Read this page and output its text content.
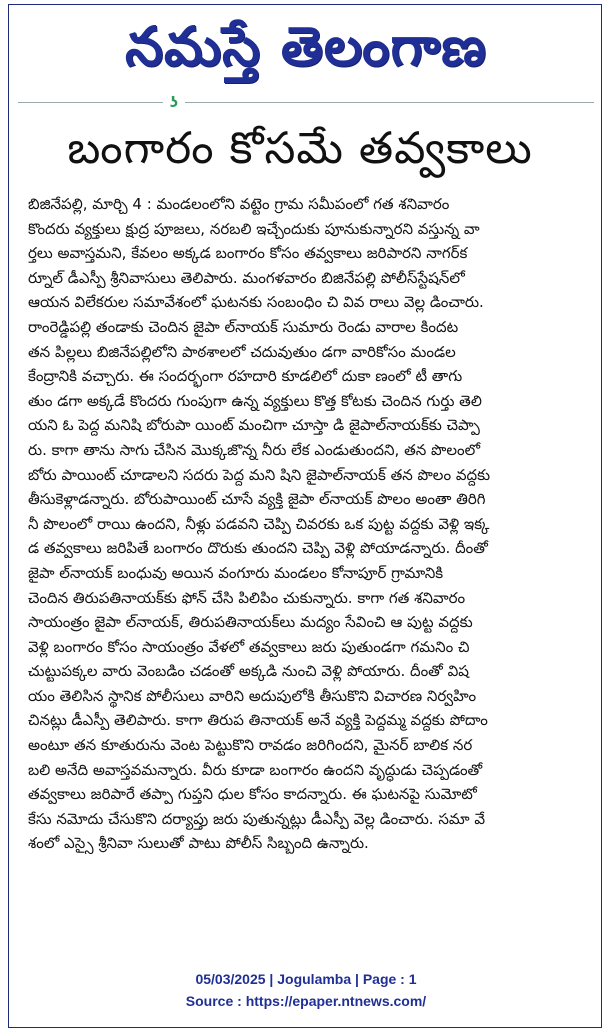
నమస్తే తెలంగాణ
ʖ
బంగారం కోసమే తవ్వకాలు
బిజినేపల్లి, మార్చి 4 : మండలంలోని వట్టెం గ్రామ సమీపంలో గత శనివారం
కొందరు వ్యక్తులు క్షుద్ర పూజలు, నరబలి ఇచ్చేందుకు పూనుకున్నారని వస్తున్న వా
ర్తలు అవాస్తమని, కేవలం అక్కడ బంగారం కోసం తవ్వకాలు జరిపారని నాగర్‌క
ర్నూల్‌ డీఎస్పీ శ్రీనివాసులు తెలిపారు. మంగళవారం బిజినేపల్లి పోలీస్‌స్టేషన్‌లో
ఆయన విలేకరుల సమావేశంలో ఘటనకు సంబంధిం చి వివ రాలు వెల్ల డించారు.
రాంరెడ్డిపల్లి తండాకు చెందిన జైపా ల్‌నాయక్‌ సుమారు రెండు వారాల కిందట
తన పిల్లలు బిజినేపల్లిలోని పాఠశాలలో చదువుతుం డగా వారికోసం మండల
కేంద్రానికి వచ్చారు. ఈ సందర్భంగా రహదారి కూడలిలో దుకా ణంలో టీ తాగు
తుం డగా అక్కడే కొందరు గుంపుగా ఉన్న వ్యక్తులు కొత్త కోటకు చెందిన గుర్తు తెలి
యని ఓ పెద్ద మనిషి బోరుపా యింట్‌ మంచిగా చూస్తా డి జైపాల్‌నాయక్‌కు చెప్పా
రు. కాగా తాను సాగు చేసిన మొక్కజొన్న నీరు లేక ఎండుతుందని, తన పొలంలో
బోరు పాయింట్‌ చూడాలని సదరు పెద్ద మని షిని జైపాల్‌నాయక్‌ తన పొలం వద్దకు
తీసుకెళ్లాడన్నారు. బోరుపాయింట్‌ చూసే వ్యక్తి జైపా ల్‌నాయక్‌ పొలం అంతా తిరిగి
నీ పొలంలో రాయి ఉందని, నీళ్లు పడవని చెప్పి చివరకు ఒక పుట్ట వద్దకు వెళ్లి ఇక్క
డ తవ్వకాలు జరిపితే బంగారం దొరుకు తుందని చెప్పి వెళ్లి పోయాడన్నారు. దీంతో
జైపా ల్‌నాయక్‌ బంధువు అయిన వంగూరు మండలం కోనాపూర్‌ గ్రామానికి
చెందిన తిరుపతినాయక్‌కు ఫోన్‌ చేసి పిలిపిం చుకున్నారు. కాగా గత శనివారం
సాయంత్రం జైపా ల్‌నాయక్‌, తిరుపతినాయక్‌లు మద్యం సేవించి ఆ పుట్ట వద్దకు
వెళ్లి బంగారం కోసం సాయంత్రం వేళలో తవ్వకాలు జరు పుతుండగా గమనిం చి
చుట్టుపక్కల వారు వెంబడిం చడంతో అక్కడి నుంచి వెళ్లి పోయారు. దీంతో విష
యం తెలిసిన స్థానిక పోలీసులు వారిని అదుపులోకి తీసుకొని విచారణ నిర్వహిం
చినట్లు డీఎస్పీ తెలిపారు. కాగా తిరుప తినాయక్‌ అనే వ్యక్తి పెద్దమ్మ వద్దకు పోదాం
అంటూ తన కూతురును వెంట పెట్టుకొని రావడం జరిగిందని, మైనర్‌ బాలిక నర
బలి అనేది అవాస్తవమన్నారు. వీరు కూడా బంగారం ఉందని వృద్ధుడు చెప్పడంతో
తవ్వకాలు జరిపారే తప్పా గుప్తని ధుల కోసం కాదన్నారు. ఈ ఘటనపై సుమోటో
కేసు నమోదు చేసుకొని దర్యాప్తు జరు పుతున్నట్లు డీఎస్పీ వెల్ల డించారు. సమా వే
శంలో ఎస్సై శ్రీనివా సులుతో పాటు పోలీస్‌ సిబ్బంది ఉన్నారు.
05/03/2025 | Jogulamba | Page : 1
Source : https://epaper.ntnews.com/
